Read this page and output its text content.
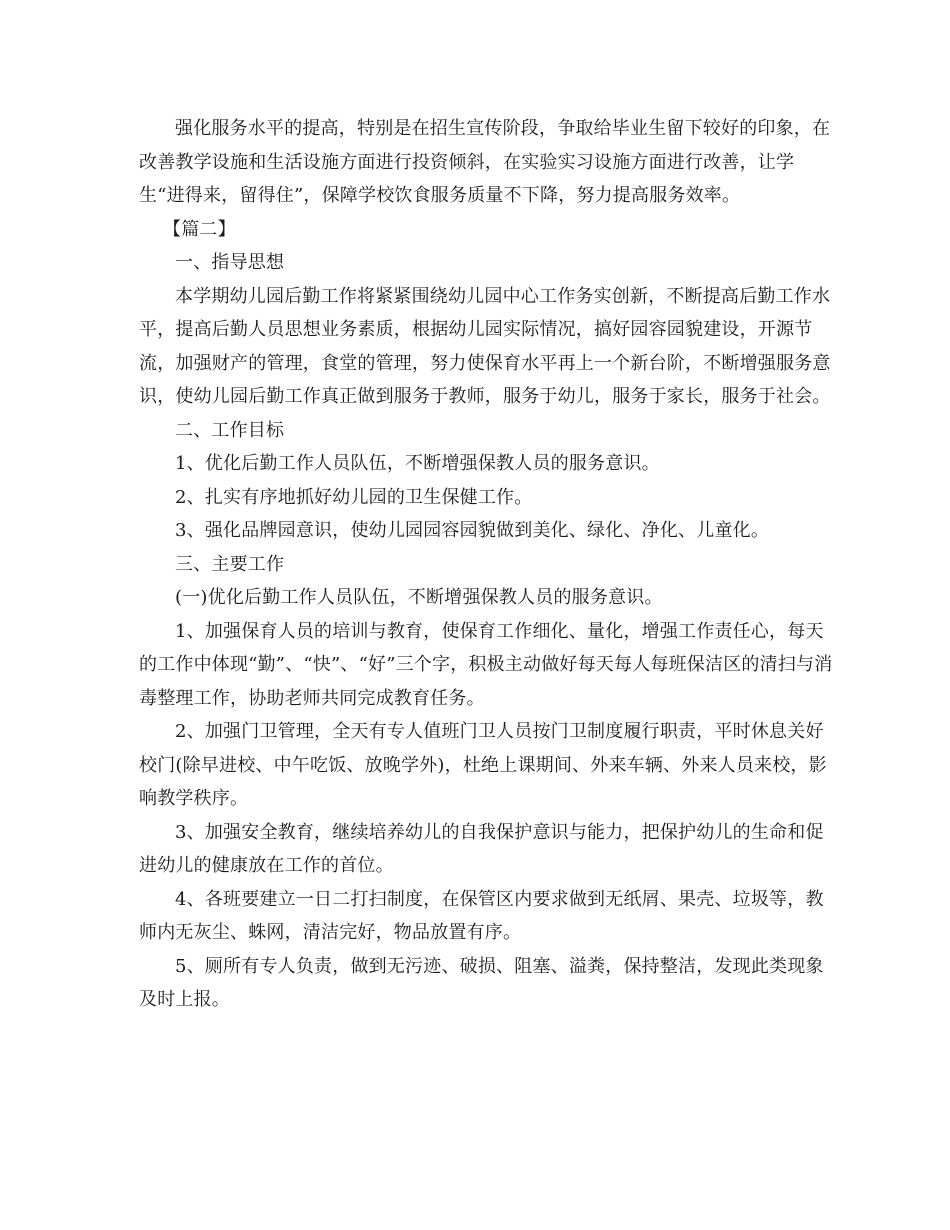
强化服务水平的提高，特别是在招生宣传阶段，争取给毕业生留下较好的印象，在改善教学设施和生活设施方面进行投资倾斜，在实验实习设施方面进行改善，让学生“进得来，留得住”，保障学校饮食服务质量不下降，努力提高服务效率。

【篇二】

一、指导思想

本学期幼儿园后勤工作将紧紧围绕幼儿园中心工作务实创新，不断提高后勤工作水平，提高后勤人员思想业务素质，根据幼儿园实际情况，搞好园容园貌建设，开源节流，加强财产的管理，食堂的管理，努力使保育水平再上一个新台阶，不断增强服务意识，使幼儿园后勤工作真正做到服务于教师，服务于幼儿，服务于家长，服务于社会。

二、工作目标

1、优化后勤工作人员队伍，不断增强保教人员的服务意识。

2、扎实有序地抓好幼儿园的卫生保健工作。

3、强化品牌园意识，使幼儿园园容园貌做到美化、绿化、净化、儿童化。

三、主要工作

(一)优化后勤工作人员队伍，不断增强保教人员的服务意识。

1、加强保育人员的培训与教育，使保育工作细化、量化，增强工作责任心，每天的工作中体现“勤”、“快”、“好”三个字，积极主动做好每天每人每班保洁区的清扫与消毒整理工作，协助老师共同完成教育任务。

2、加强门卫管理，全天有专人值班门卫人员按门卫制度履行职责，平时休息关好校门(除早进校、中午吃饭、放晚学外)，杜绝上课期间、外来车辆、外来人员来校，影响教学秩序。

3、加强安全教育，继续培养幼儿的自我保护意识与能力，把保护幼儿的生命和促进幼儿的健康放在工作的首位。

4、各班要建立一日二打扫制度，在保管区内要求做到无纸屑、果壳、垃圾等，教师内无灰尘、蛛网，清洁完好，物品放置有序。

5、厕所有专人负责，做到无污迹、破损、阻塞、溢粪，保持整洁，发现此类现象及时上报。
